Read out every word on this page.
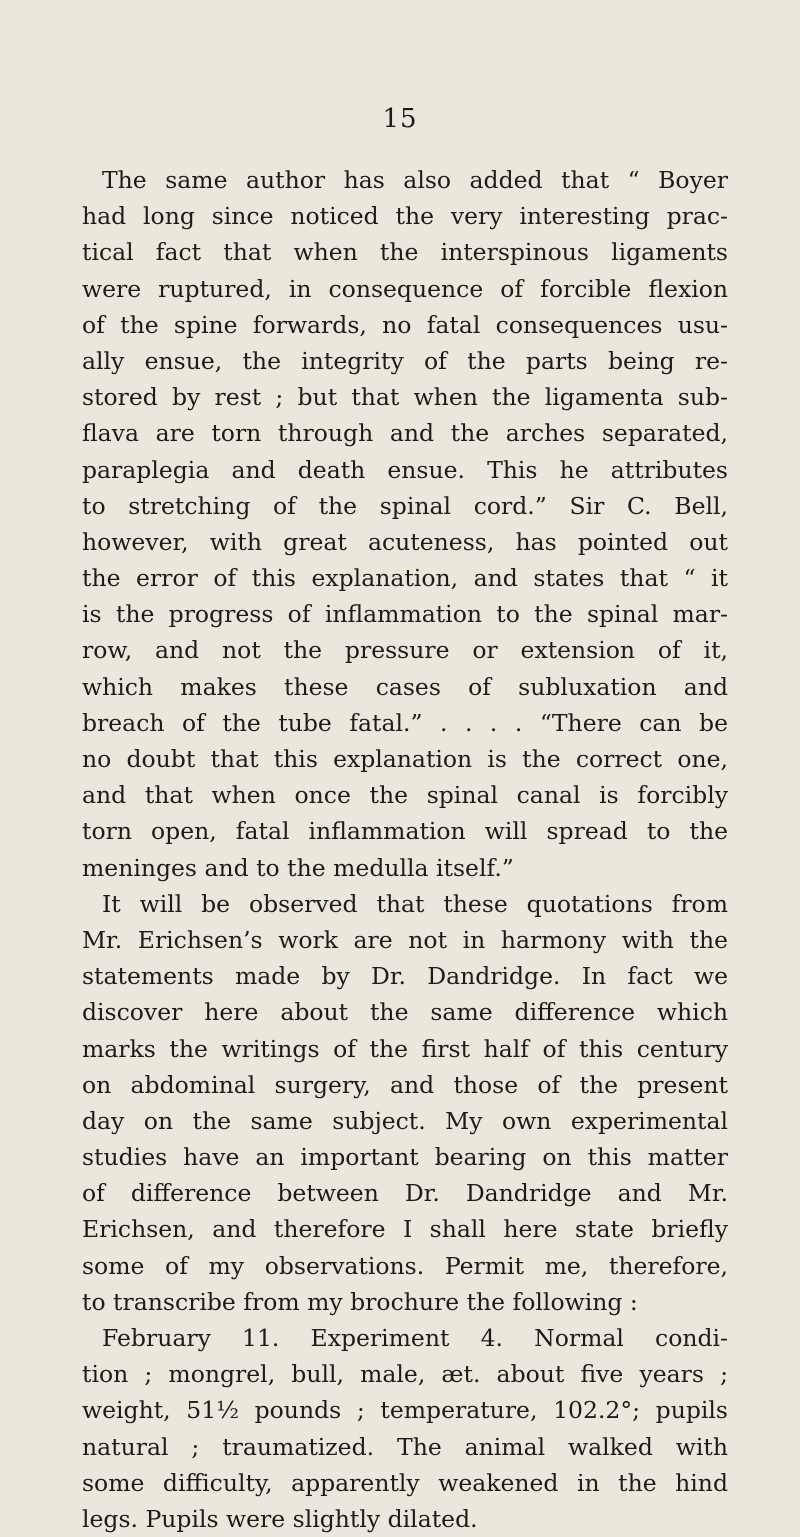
15
The same author has also added that “ Boyer
had long since noticed the very interesting prac-
tical fact that when the interspinous ligaments
were ruptured, in consequence of forcible flexion
of the spine forwards, no fatal consequences usu-
ally ensue, the integrity of the parts being re-
stored by rest ; but that when the ligamenta sub-
flava are torn through and the arches separated,
paraplegia and death ensue. This he attributes
to stretching of the spinal cord.” Sir C. Bell,
however, with great acuteness, has pointed out
the error of this explanation, and states that “ it
is the progress of inflammation to the spinal mar-
row, and not the pressure or extension of it,
which makes these cases of subluxation and
breach of the tube fatal.” . . . . “There can be
no doubt that this explanation is the correct one,
and that when once the spinal canal is forcibly
torn open, fatal inflammation will spread to the
meninges and to the medulla itself.”
It will be observed that these quotations from
Mr. Erichsen’s work are not in harmony with the
statements made by Dr. Dandridge. In fact we
discover here about the same difference which
marks the writings of the first half of this century
on abdominal surgery, and those of the present
day on the same subject. My own experimental
studies have an important bearing on this matter
of difference between Dr. Dandridge and Mr.
Erichsen, and therefore I shall here state briefly
some of my observations. Permit me, therefore,
to transcribe from my brochure the following :
February 11. Experiment 4. Normal condi-
tion ; mongrel, bull, male, æt. about five years ;
weight, 51½ pounds ; temperature, 102.2°; pupils
natural ; traumatized. The animal walked with
some difficulty, apparently weakened in the hind
legs. Pupils were slightly dilated.
